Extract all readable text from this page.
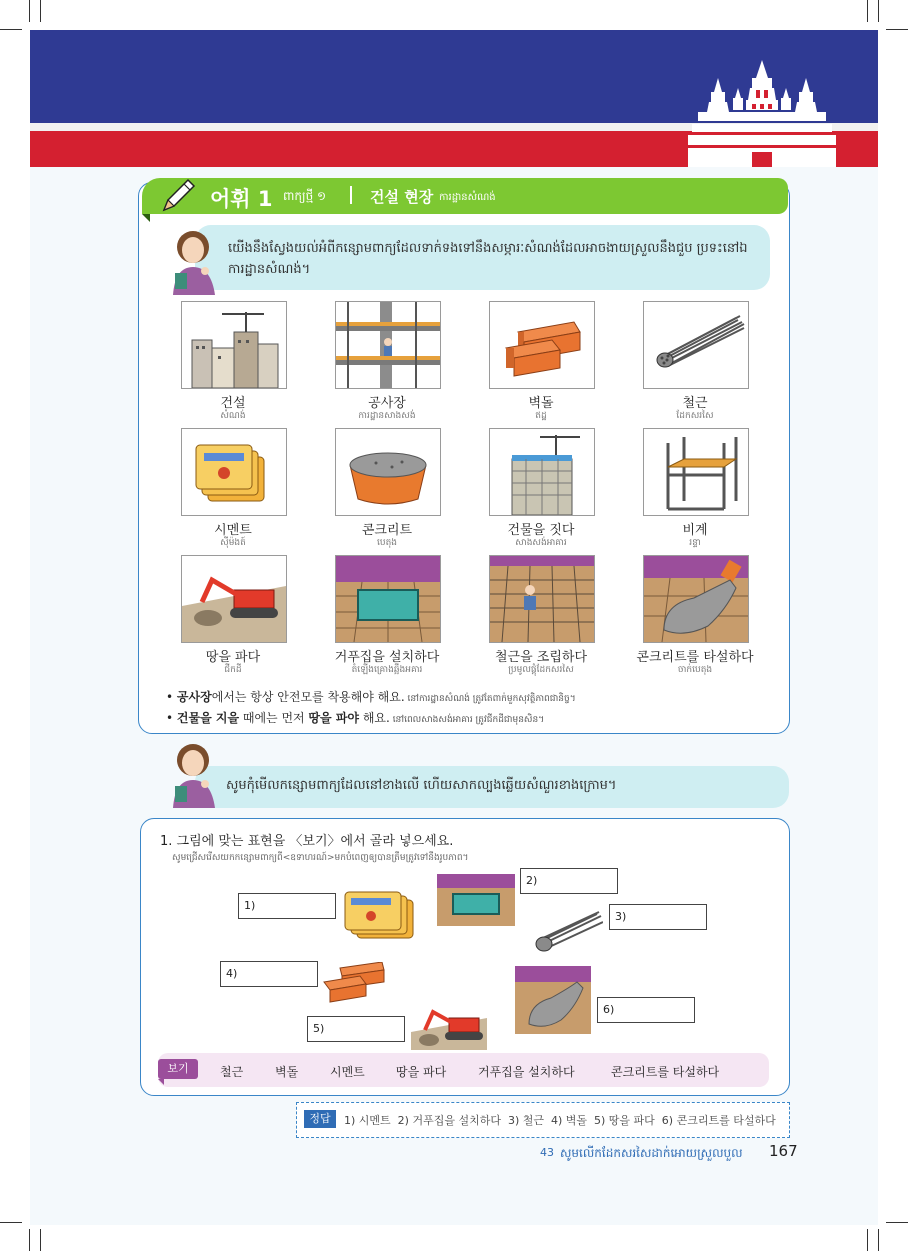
어휘 1 ពាក្យថ្មី ១	건설 현장 ការដ្ឋានសំណង់
យើងនឹងស្វែងយល់អំពីកន្សោមពាក្យដែលទាក់ទងទៅនឹងសម្ភារៈសំណង់ដែលអាចងាយស្រួលនឹងជួប ប្រទះនៅឯការដ្ឋានសំណង់។
건설
សំណង់
공사장
ការដ្ឋានសាងសង់
벽돌
ឥដ្ឋ
철근
ដែកសរសៃ
시멘트
ស៊ីម៉ងត៍
콘크리트
បេតុង
건물을 짓다
សាងសង់អាគារ
비계
រន្ទា
땅을 파다
ជីកដី
거푸집을 설치하다
តំឡើងគ្រោងឆ្អឹងអគារ
철근을 조립하다
ប្រមូលផ្តុំដែកសរសៃ
콘크리트를 타설하다
ចាក់បេតុង
• 공사장에서는 항상 안전모를 착용해야 해요. នៅការដ្ឋានសំណង់ ត្រូវតែពាក់មួកសុវត្ថិភាពជានិច្ច។
• 건물을 지을 때에는 먼저 땅을 파야 해요. នៅពេលសាងសង់អាគារ ត្រូវជីកដីជាមុនសិន។
សូមកុំមើលកន្សោមពាក្យដែលនៅខាងលើ ហើយសាកល្បងឆ្លើយសំណួរខាងក្រោម។
1. 그림에 맞는 표현을 〈보기〉에서 골라 넣으세요.
សូមជ្រើសរើសយកកន្សោមពាក្យពី<ឧទាហរណ៍>មកបំពេញឲ្យបានត្រឹមត្រូវទៅនឹងរូបភាព។
1)
2)
3)
4)
5)
6)
보기	철근	벽돌	시멘트	땅을 파다	거푸집을 설치하다	콘크리트를 타설하다
정답	1) 시멘트  2) 거푸집을 설치하다  3) 철근  4) 벽돌  5) 땅을 파다  6) 콘크리트를 타설하다
43 សូមលើកដែកសរសៃដាក់អោយស្រួលបួល 167
